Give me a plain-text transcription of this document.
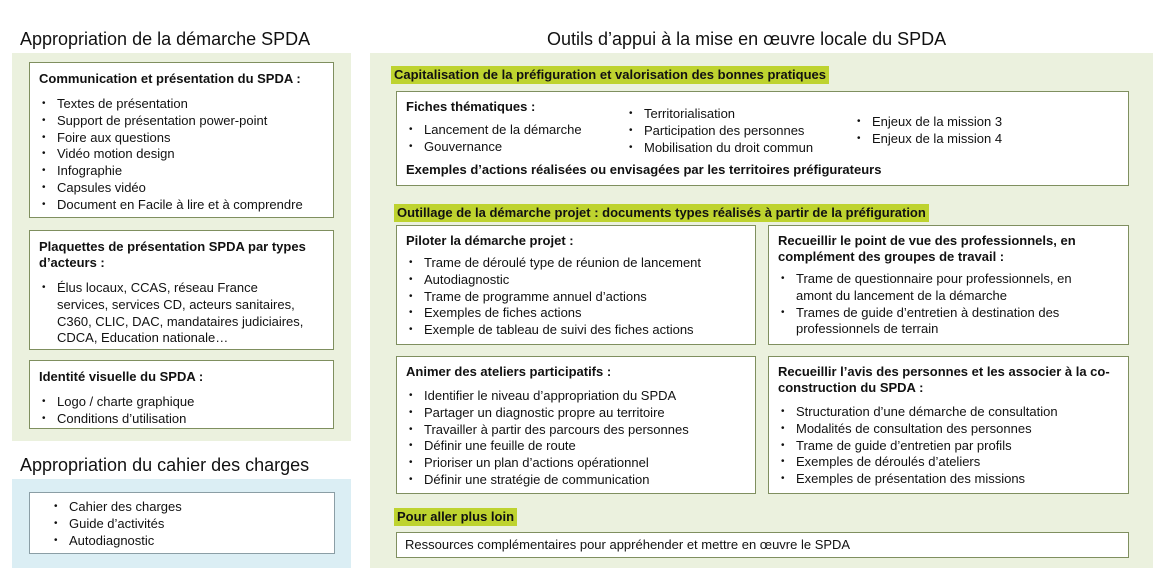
Appropriation de la démarche SPDA
Communication et présentation du SPDA :
• Textes de présentation
• Support de présentation power-point
• Foire aux questions
• Vidéo motion design
• Infographie
• Capsules vidéo
• Document en Facile à lire et à comprendre
Plaquettes de présentation SPDA par types d’acteurs :
• Élus locaux, CCAS, réseau France services, services CD, acteurs sanitaires, C360, CLIC, DAC, mandataires judiciaires, CDCA, Education nationale…
Identité visuelle du SPDA :
• Logo / charte graphique
• Conditions d’utilisation
Appropriation du cahier des charges
• Cahier des charges
• Guide d’activités
• Autodiagnostic
Outils d’appui à la mise en œuvre locale du SPDA
Capitalisation de la préfiguration et valorisation des bonnes pratiques
Fiches thématiques :
• Lancement de la démarche
• Gouvernance
• Territorialisation
• Participation des personnes
• Mobilisation du droit commun
• Enjeux de la mission 3
• Enjeux de la mission 4
Exemples d’actions réalisées ou envisagées par les territoires préfigurateurs
Outillage de la démarche projet : documents types réalisés à partir de la préfiguration
Piloter la démarche projet :
• Trame de déroulé type de réunion de lancement
• Autodiagnostic
• Trame de programme annuel d’actions
• Exemples de fiches actions
• Exemple de tableau de suivi des fiches actions
Recueillir le point de vue des professionnels, en complément des groupes de travail :
• Trame de questionnaire pour professionnels, en amont du lancement de la démarche
• Trames de guide d’entretien à destination des professionnels de terrain
Animer des ateliers participatifs :
• Identifier le niveau d’appropriation du SPDA
• Partager un diagnostic propre au territoire
• Travailler à partir des parcours des personnes
• Définir une feuille de route
• Prioriser un plan d’actions opérationnel
• Définir une stratégie de communication
Recueillir l’avis des personnes et les associer à la co-construction du SPDA :
• Structuration d’une démarche de consultation
• Modalités de consultation des personnes
• Trame de guide d’entretien par profils
• Exemples de déroulés d’ateliers
• Exemples de présentation des missions
Pour aller plus loin
Ressources complémentaires pour appréhender et mettre en œuvre le SPDA
